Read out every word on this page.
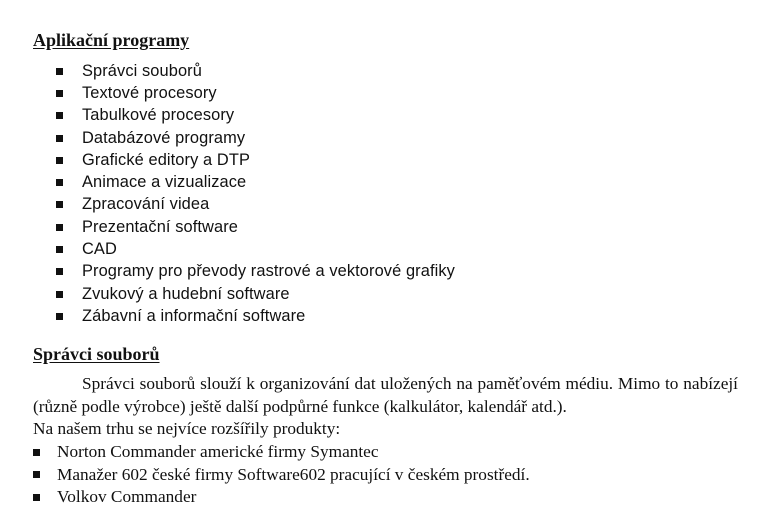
Aplikační programy
Správci souborů
Textové procesory
Tabulkové procesory
Databázové programy
Grafické editory a DTP
Animace a vizualizace
Zpracování videa
Prezentační software
CAD
Programy pro převody rastrové a vektorové grafiky
Zvukový a hudební software
Zábavní a informační software
Správci souborů

Správci souborů slouží k organizování dat uložených na paměťovém médiu. Mimo to nabízejí (různě podle výrobce) ještě další podpůrné funkce (kalkulátor, kalendář atd.).

Na našem trhu se nejvíce rozšířily produkty:

Norton Commander americké firmy Symantec
Manažer 602 české firmy Software602 pracující v českém prostředí.
Volkov Commander
